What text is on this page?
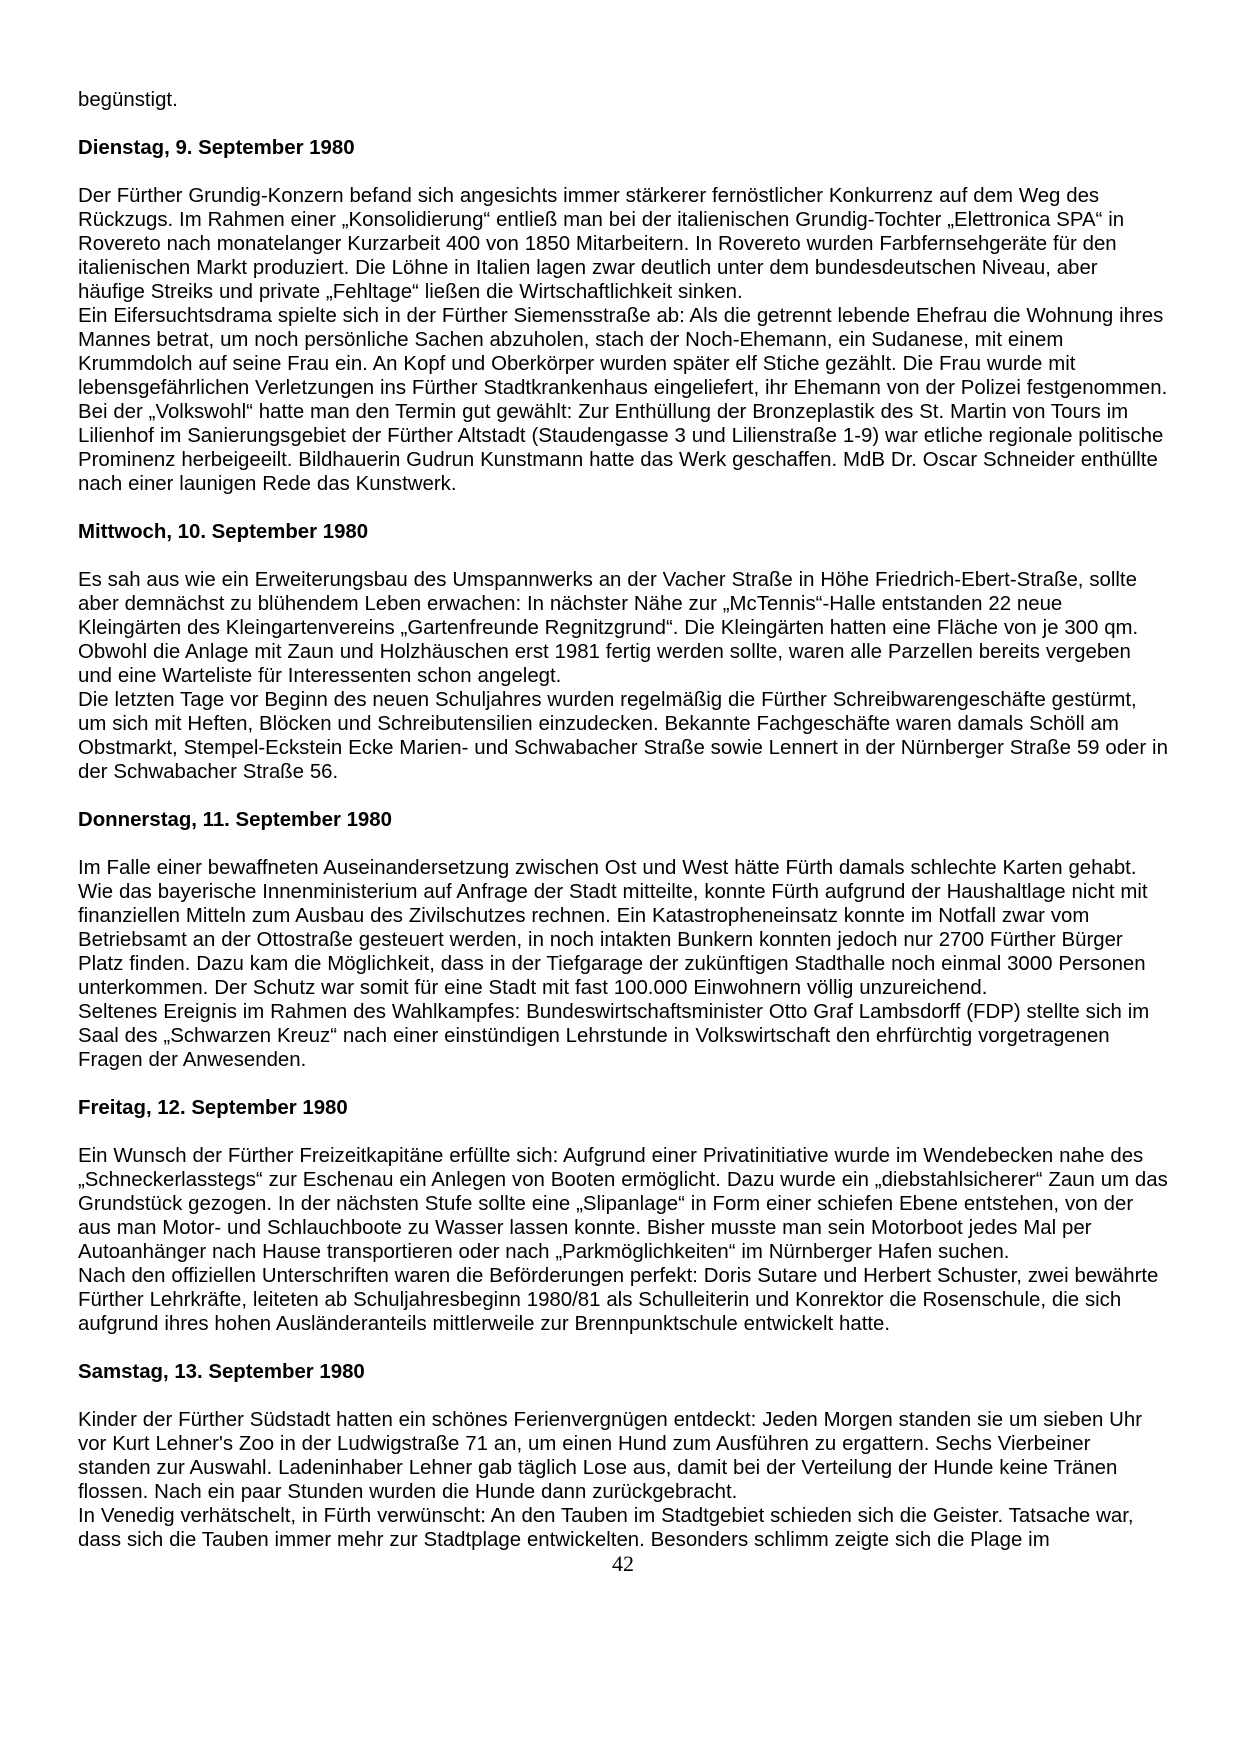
begünstigt.

Dienstag, 9. September 1980

Der Fürther Grundig-Konzern befand sich angesichts immer stärkerer fernöstlicher Konkurrenz auf dem Weg des Rückzugs. Im Rahmen einer „Konsolidierung“ entließ man bei der italienischen Grundig-Tochter „Elettronica SPA“ in Rovereto nach monatelanger Kurzarbeit 400 von 1850 Mitarbeitern. In Rovereto wurden Farbfernsehgeräte für den italienischen Markt produziert. Die Löhne in Italien lagen zwar deutlich unter dem bundesdeutschen Niveau, aber häufige Streiks und private „Fehltage“ ließen die Wirtschaftlichkeit sinken.

Ein Eifersuchtsdrama spielte sich in der Fürther Siemensstraße ab: Als die getrennt lebende Ehefrau die Wohnung ihres Mannes betrat, um noch persönliche Sachen abzuholen, stach der Noch-Ehemann, ein Sudanese, mit einem Krummdolch auf seine Frau ein. An Kopf und Oberkörper wurden später elf Stiche gezählt. Die Frau wurde mit lebensgefährlichen Verletzungen ins Fürther Stadtkrankenhaus eingeliefert, ihr Ehemann von der Polizei festgenommen.

Bei der „Volkswohl“ hatte man den Termin gut gewählt: Zur Enthüllung der Bronzeplastik des St. Martin von Tours im Lilienhof im Sanierungsgebiet der Fürther Altstadt (Staudengasse 3 und Lilienstraße 1-9) war etliche regionale politische Prominenz herbeigeeilt. Bildhauerin Gudrun Kunstmann hatte das Werk geschaffen. MdB Dr. Oscar Schneider enthüllte nach einer launigen Rede das Kunstwerk.

Mittwoch, 10. September 1980

Es sah aus wie ein Erweiterungsbau des Umspannwerks an der Vacher Straße in Höhe Friedrich-Ebert-Straße, sollte aber demnächst zu blühendem Leben erwachen: In nächster Nähe zur „McTennis“-Halle entstanden 22 neue Kleingärten des Kleingartenvereins „Gartenfreunde Regnitzgrund“. Die Kleingärten hatten eine Fläche von je 300 qm. Obwohl die Anlage mit Zaun und Holzhäuschen erst 1981 fertig werden sollte, waren alle Parzellen bereits vergeben und eine Warteliste für Interessenten schon angelegt.

Die letzten Tage vor Beginn des neuen Schuljahres wurden regelmäßig die Fürther Schreibwarengeschäfte gestürmt, um sich mit Heften, Blöcken und Schreibutensilien einzudecken. Bekannte Fachgeschäfte waren damals Schöll am Obstmarkt, Stempel-Eckstein Ecke Marien- und Schwabacher Straße sowie Lennert in der Nürnberger Straße 59 oder in der Schwabacher Straße 56.

Donnerstag, 11. September 1980

Im Falle einer bewaffneten Auseinandersetzung zwischen Ost und West hätte Fürth damals schlechte Karten gehabt. Wie das bayerische Innenministerium auf Anfrage der Stadt mitteilte, konnte Fürth aufgrund der Haushaltlage nicht mit finanziellen Mitteln zum Ausbau des Zivilschutzes rechnen. Ein Katastropheneinsatz konnte im Notfall zwar vom Betriebsamt an der Ottostraße gesteuert werden, in noch intakten Bunkern konnten jedoch nur 2700 Fürther Bürger Platz finden. Dazu kam die Möglichkeit, dass in der Tiefgarage der zukünftigen Stadthalle noch einmal 3000 Personen unterkommen. Der Schutz war somit für eine Stadt mit fast 100.000 Einwohnern völlig unzureichend.

Seltenes Ereignis im Rahmen des Wahlkampfes: Bundeswirtschaftsminister Otto Graf Lambsdorff (FDP) stellte sich im Saal des „Schwarzen Kreuz“ nach einer einstündigen Lehrstunde in Volkswirtschaft den ehrfürchtig vorgetragenen Fragen der Anwesenden.

Freitag, 12. September 1980

Ein Wunsch der Fürther Freizeitkapitäne erfüllte sich: Aufgrund einer Privatinitiative wurde im Wendebecken nahe des „Schneckerlasstegs“ zur Eschenau ein Anlegen von Booten ermöglicht. Dazu wurde ein „diebstahlsicherer“ Zaun um das Grundstück gezogen. In der nächsten Stufe sollte eine „Slipanlage“ in Form einer schiefen Ebene entstehen, von der aus man Motor- und Schlauchboote zu Wasser lassen konnte. Bisher musste man sein Motorboot jedes Mal per Autoanhänger nach Hause transportieren oder nach „Parkmöglichkeiten“ im Nürnberger Hafen suchen.

Nach den offiziellen Unterschriften waren die Beförderungen perfekt: Doris Sutare und Herbert Schuster, zwei bewährte Fürther Lehrkräfte, leiteten ab Schuljahresbeginn 1980/81 als Schulleiterin und Konrektor die Rosenschule, die sich aufgrund ihres hohen Ausländeranteils mittlerweile zur Brennpunktschule entwickelt hatte.

Samstag, 13. September 1980

Kinder der Fürther Südstadt hatten ein schönes Ferienvergnügen entdeckt: Jeden Morgen standen sie um sieben Uhr vor Kurt Lehner's Zoo in der Ludwigstraße 71 an, um einen Hund zum Ausführen zu ergattern. Sechs Vierbeiner standen zur Auswahl. Ladeninhaber Lehner gab täglich Lose aus, damit bei der Verteilung der Hunde keine Tränen flossen. Nach ein paar Stunden wurden die Hunde dann zurückgebracht.

In Venedig verhätschelt, in Fürth verwünscht: An den Tauben im Stadtgebiet schieden sich die Geister. Tatsache war, dass sich die Tauben immer mehr zur Stadtplage entwickelten. Besonders schlimm zeigte sich die Plage im

42
